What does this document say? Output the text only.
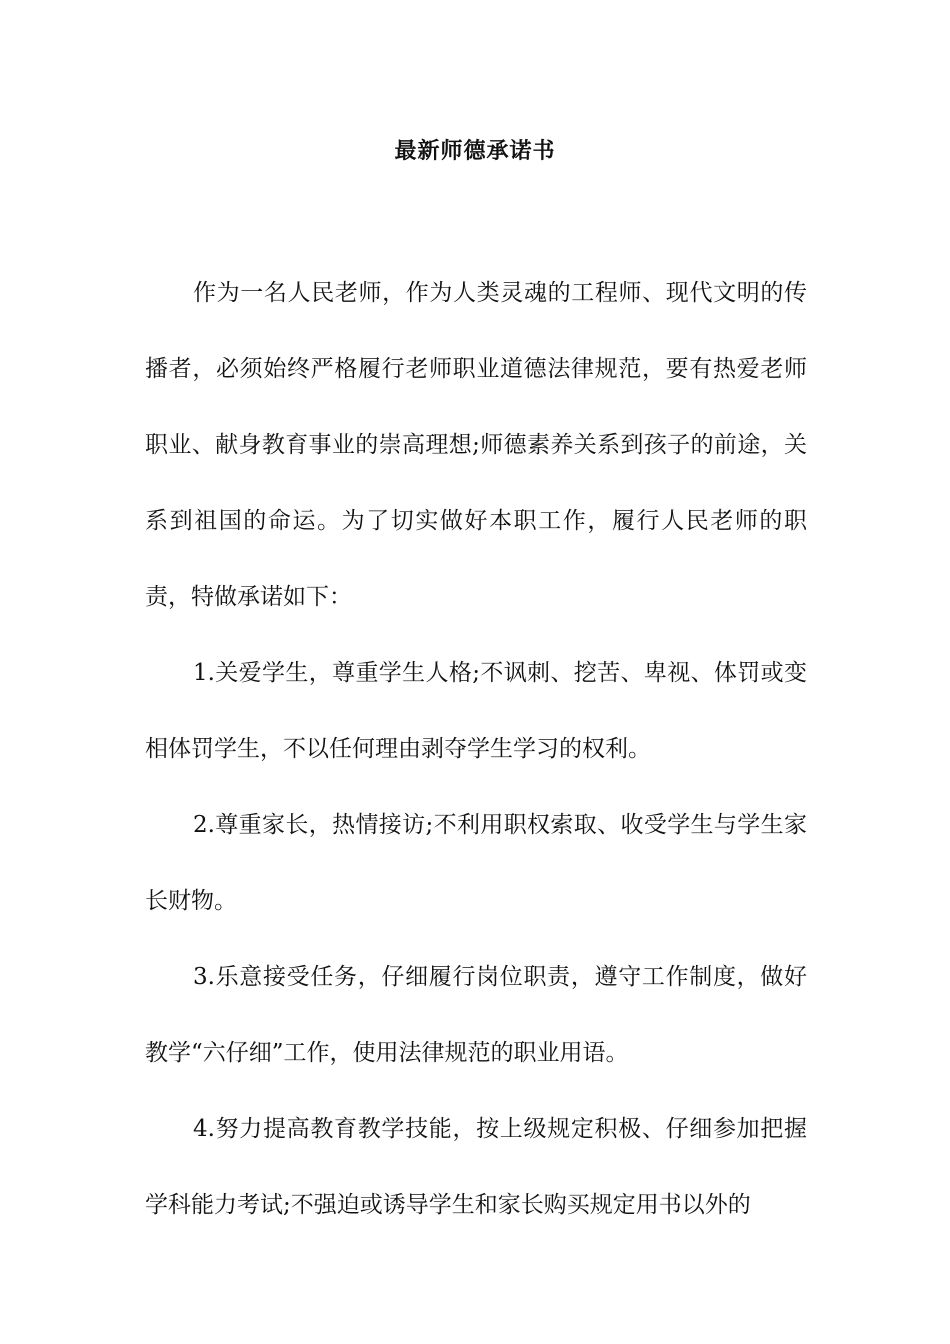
最新师德承诺书

作为一名人民老师，作为人类灵魂的工程师、现代文明的传播者，必须始终严格履行老师职业道德法律规范，要有热爱老师职业、献身教育事业的崇高理想;师德素养关系到孩子的前途，关系到祖国的命运。为了切实做好本职工作，履行人民老师的职责，特做承诺如下：

1.关爱学生，尊重学生人格;不讽刺、挖苦、卑视、体罚或变相体罚学生，不以任何理由剥夺学生学习的权利。

2.尊重家长，热情接访;不利用职权索取、收受学生与学生家长财物。

3.乐意接受任务，仔细履行岗位职责，遵守工作制度，做好教学“六仔细”工作，使用法律规范的职业用语。

4.努力提高教育教学技能，按上级规定积极、仔细参加把握学科能力考试;不强迫或诱导学生和家长购买规定用书以外的
